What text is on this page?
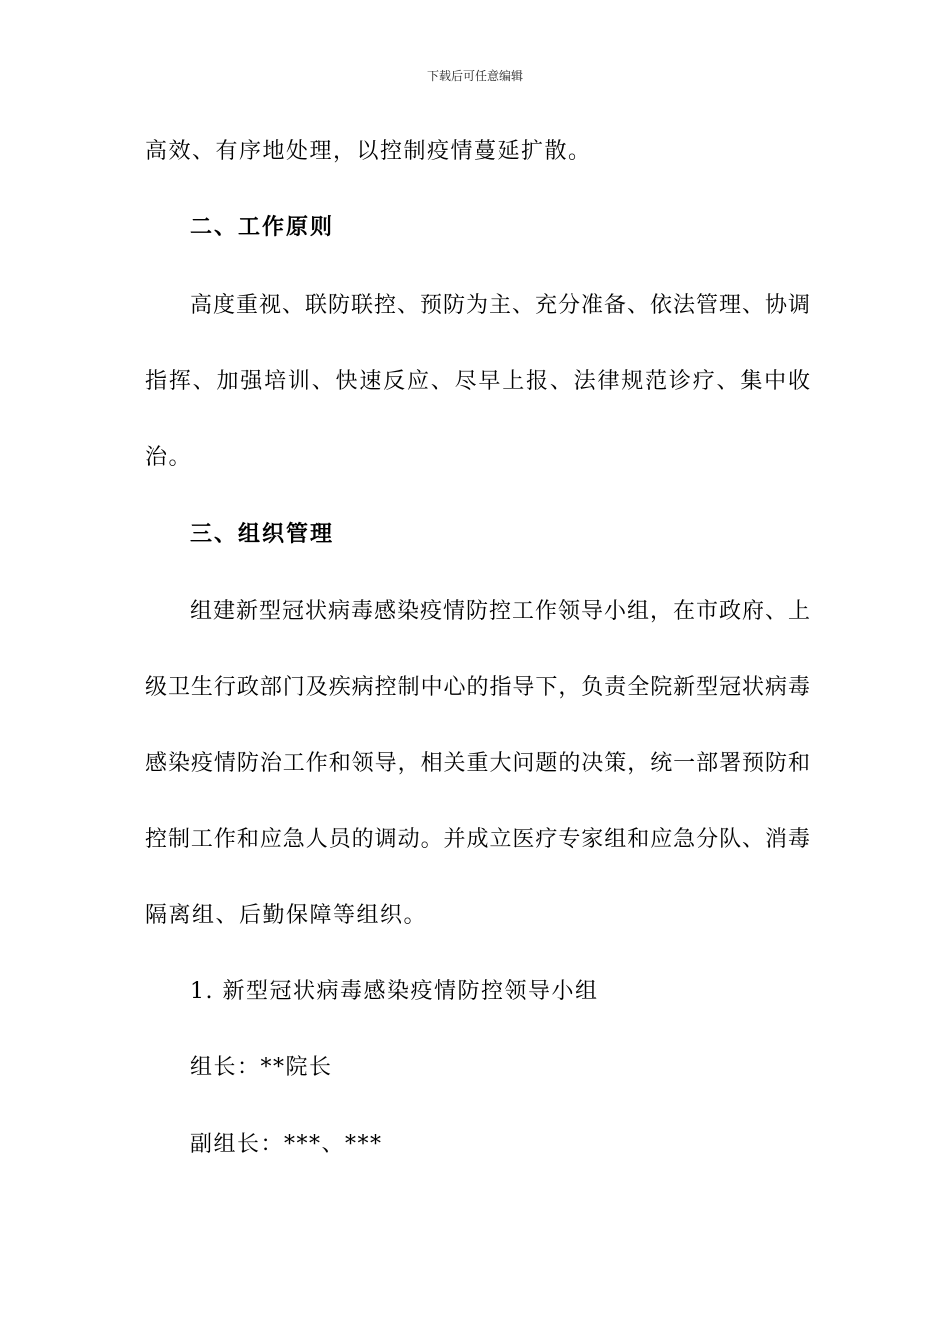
下载后可任意编辑
高效、有序地处理，以控制疫情蔓延扩散。
二、工作原则
高度重视、联防联控、预防为主、充分准备、依法管理、协调
指挥、加强培训、快速反应、尽早上报、法律规范诊疗、集中收
治。
三、组织管理
组建新型冠状病毒感染疫情防控工作领导小组，在市政府、上
级卫生行政部门及疾病控制中心的指导下，负责全院新型冠状病毒
感染疫情防治工作和领导，相关重大问题的决策，统一部署预防和
控制工作和应急人员的调动。并成立医疗专家组和应急分队、消毒
隔离组、后勤保障等组织。
1. 新型冠状病毒感染疫情防控领导小组
组长：**院长
副组长：***、***
